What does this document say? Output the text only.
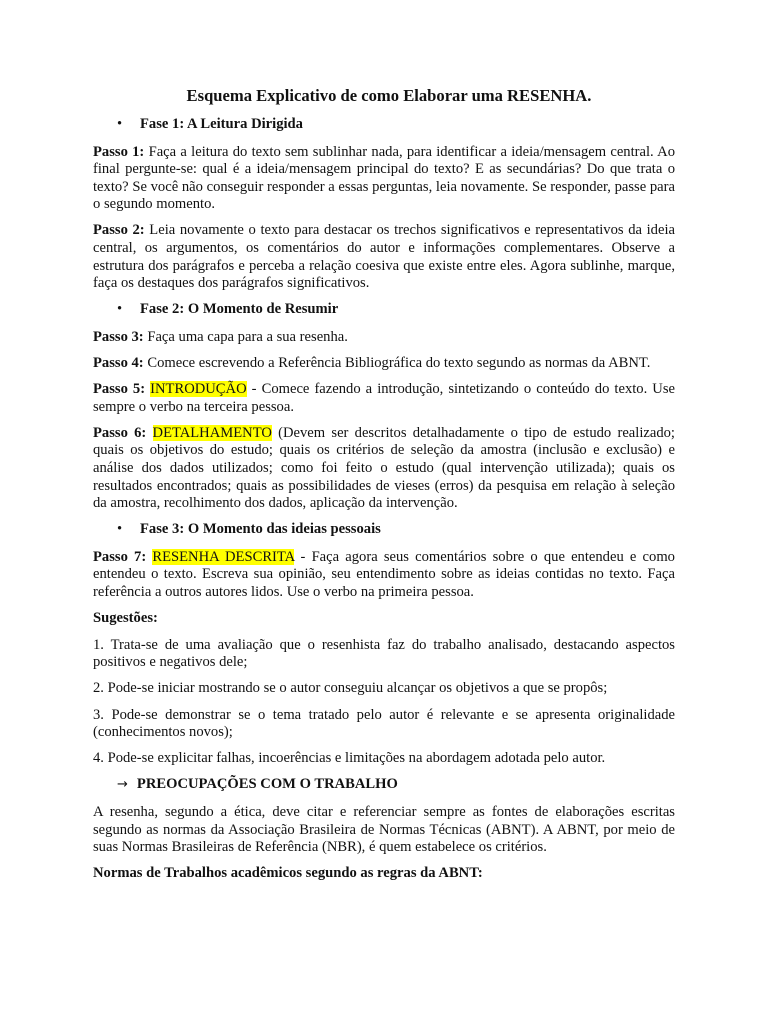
Esquema Explicativo de como Elaborar uma RESENHA.
• Fase 1: A Leitura Dirigida

Passo 1: Faça a leitura do texto sem sublinhar nada, para identificar a ideia/mensagem central. Ao final pergunte-se: qual é a ideia/mensagem principal do texto? E as secundárias? Do que trata o texto? Se você não conseguir responder a essas perguntas, leia novamente. Se responder, passe para o segundo momento.

Passo 2: Leia novamente o texto para destacar os trechos significativos e representativos da ideia central, os argumentos, os comentários do autor e informações complementares. Observe a estrutura dos parágrafos e perceba a relação coesiva que existe entre eles. Agora sublinhe, marque, faça os destaques dos parágrafos significativos.

• Fase 2: O Momento de Resumir

Passo 3: Faça uma capa para a sua resenha.

Passo 4: Comece escrevendo a Referência Bibliográfica do texto segundo as normas da ABNT.

Passo 5: INTRODUÇÃO - Comece fazendo a introdução, sintetizando o conteúdo do texto. Use sempre o verbo na terceira pessoa.

Passo 6: DETALHAMENTO (Devem ser descritos detalhadamente o tipo de estudo realizado; quais os objetivos do estudo; quais os critérios de seleção da amostra (inclusão e exclusão) e análise dos dados utilizados; como foi feito o estudo (qual intervenção utilizada); quais os resultados encontrados; quais as possibilidades de vieses (erros) da pesquisa em relação à seleção da amostra, recolhimento dos dados, aplicação da intervenção.

• Fase 3: O Momento das ideias pessoais

Passo 7: RESENHA DESCRITA - Faça agora seus comentários sobre o que entendeu e como entendeu o texto. Escreva sua opinião, seu entendimento sobre as ideias contidas no texto. Faça referência a outros autores lidos. Use o verbo na primeira pessoa.

Sugestões:

1. Trata-se de uma avaliação que o resenhista faz do trabalho analisado, destacando aspectos positivos e negativos dele;

2. Pode-se iniciar mostrando se o autor conseguiu alcançar os objetivos a que se propôs;

3. Pode-se demonstrar se o tema tratado pelo autor é relevante e se apresenta originalidade (conhecimentos novos);

4. Pode-se explicitar falhas, incoerências e limitações na abordagem adotada pelo autor.

→ PREOCUPAÇÕES COM O TRABALHO

A resenha, segundo a ética, deve citar e referenciar sempre as fontes de elaborações escritas segundo as normas da Associação Brasileira de Normas Técnicas (ABNT). A ABNT, por meio de suas Normas Brasileiras de Referência (NBR), é quem estabelece os critérios.

Normas de Trabalhos acadêmicos segundo as regras da ABNT:
